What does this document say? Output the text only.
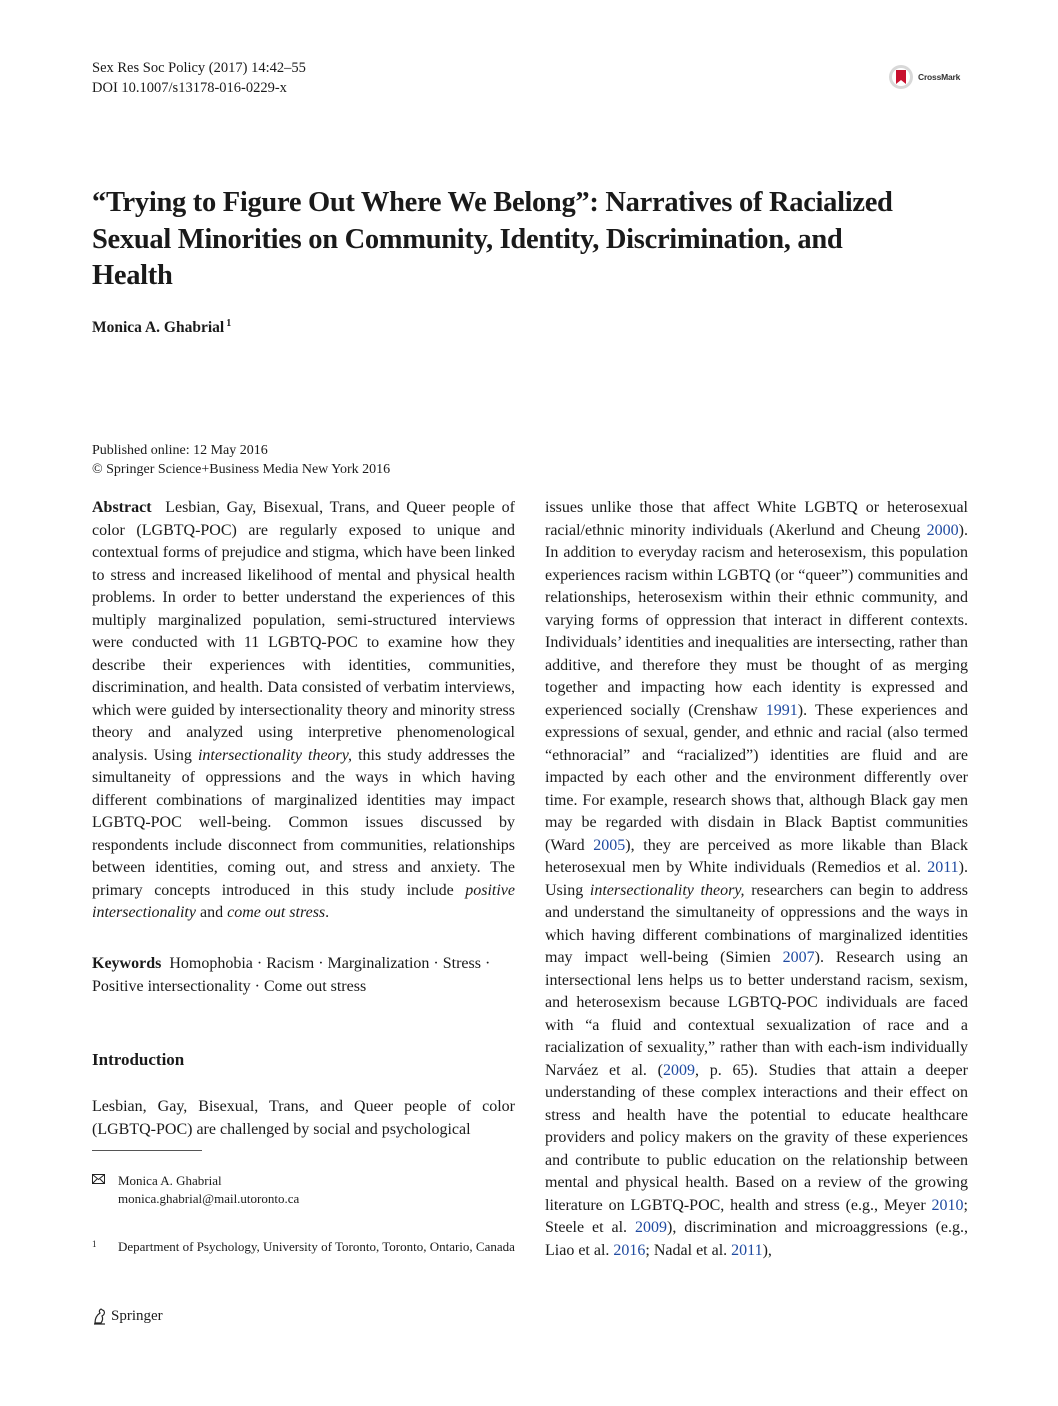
Sex Res Soc Policy (2017) 14:42–55
DOI 10.1007/s13178-016-0229-x
CrossMark
“Trying to Figure Out Where We Belong”: Narratives of Racialized Sexual Minorities on Community, Identity, Discrimination, and Health
Monica A. Ghabrial $^1$
Published online: 12 May 2016
© Springer Science+Business Media New York 2016

Abstract Lesbian, Gay, Bisexual, Trans, and Queer people of color (LGBTQ-POC) are regularly exposed to unique and contextual forms of prejudice and stigma, which have been linked to stress and increased likelihood of mental and physical health problems. In order to better understand the experiences of this multiply marginalized population, semi-structured interviews were conducted with 11 LGBTQ-POC to examine how they describe their experiences with identities, communities, discrimination, and health. Data consisted of verbatim interviews, which were guided by intersectionality theory and minority stress theory and analyzed using interpretive phenomenological analysis. Using intersectionality theory, this study addresses the simultaneity of oppressions and the ways in which having different combinations of marginalized identities may impact LGBTQ-POC well-being. Common issues discussed by respondents include disconnect from communities, relationships between identities, coming out, and stress and anxiety. The primary concepts introduced in this study include positive intersectionality and come out stress.

Keywords Homophobia · Racism · Marginalization · Stress · Positive intersectionality · Come out stress
Introduction

Lesbian, Gay, Bisexual, Trans, and Queer people of color (LGBTQ-POC) are challenged by social and psychological

Monica A. Ghabrial
monica.ghabrial@mail.utoronto.ca
1 Department of Psychology, University of Toronto, Toronto, Ontario, Canada

issues unlike those that affect White LGBTQ or heterosexual racial/ethnic minority individuals (Akerlund and Cheung 2000). In addition to everyday racism and heterosexism, this population experiences racism within LGBTQ (or “queer”) communities and relationships, heterosexism within their ethnic community, and varying forms of oppression that interact in different contexts. Individuals’ identities and inequalities are intersecting, rather than additive, and therefore they must be thought of as merging together and impacting how each identity is expressed and experienced socially (Crenshaw 1991). These experiences and expressions of sexual, gender, and ethnic and racial (also termed “ethnoracial” and “racialized”) identities are fluid and are impacted by each other and the environment differently over time. For example, research shows that, although Black gay men may be regarded with disdain in Black Baptist communities (Ward 2005), they are perceived as more likable than Black heterosexual men by White individuals (Remedios et al. 2011). Using intersectionality theory, researchers can begin to address and understand the simultaneity of oppressions and the ways in which having different combinations of marginalized identities may impact well-being (Simien 2007). Research using an intersectional lens helps us to better understand racism, sexism, and heterosexism because LGBTQ-POC individuals are faced with “a fluid and contextual sexualization of race and a racialization of sexuality,” rather than with each-ism individually Narváez et al. (2009, p. 65). Studies that attain a deeper understanding of these complex interactions and their effect on stress and health have the potential to educate healthcare providers and policy makers on the gravity of these experiences and contribute to public education on the relationship between mental and physical health. Based on a review of the growing literature on LGBTQ-POC, health and stress (e.g., Meyer 2010; Steele et al. 2009), discrimination and microaggressions (e.g., Liao et al. 2016; Nadal et al. 2011),

Springer
